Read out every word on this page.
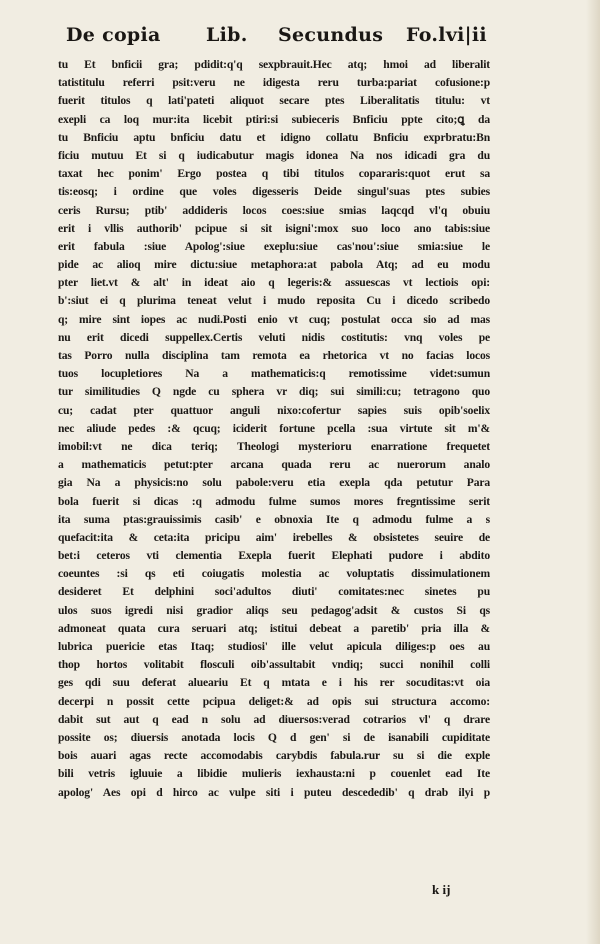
De copia Lib. Secundus Fo.lvi|ii
tu Et bnficii gra; pdidit:q'q sexpbrauit.Hec atq; hmoi ad liberalit
tatistitulu referri psit:veru ne idigesta reru turba:pariat cofusione:p
fuerit titulos q lati'pateti aliquot secare ptes Liberalitatis titulu: vt
exepli ca loq mur:ita licebit ptiri:si subieceris Bnficiu ppte cito;ꝗ da
tu Bnficiu aptu bnficiu datu et idigno collatu Bnficiu exprbratu:Bn
ficiu mutuu Et si q iudicabutur magis idonea Na nos idicadi gra du
taxat hec ponim' Ergo postea q tibi titulos copararis:quot erut sa
tis:eosq; i ordine que voles digesseris Deide singul'suas ptes subies
ceris Rursu; ptib' addideris locos coes:siue smias laqcqd vl'q obuiu
erit i vllis authorib' pcipue si sit isigni':mox suo loco ano tabis:siue
erit fabula :siue Apolog':siue exeplu:siue cas'nou':siue smia:siue le
pide ac alioq mire dictu:siue metaphora:at pabola Atq; ad eu modu
pter liet.vt & alt' in ideat aio q legeris:& assuescas vt lectiois opi:
b':siut ei q plurima teneat velut i mudo reposita Cu i dicedo scribedo
q; mire sint iopes ac nudi.Posti enio vt cuq; postulat occa sio ad mas
nu erit dicedi suppellex.Certis veluti nidis costitutis: vnq voles pe
tas Porro nulla disciplina tam remota ea rhetorica vt no facias locos
tuos locupletiores Na a mathematicis:q remotissime videt:sumun
tur similitudies Q ngde cu sphera vr diq; sui simili:cu; tetragono quo
cu; cadat pter quattuor anguli nixo:cofertur sapies suis opib'soelix
nec aliude pedes :& qcuq; iciderit fortune pcella :sua virtute sit m'&
imobil:vt ne dica teriq; Theologi mysterioru enarratione frequetet
a mathematicis petut:pter arcana quada reru ac nuerorum analo
gia Na a physicis:no solu pabole:veru etia exepla qda petutur Para
bola fuerit si dicas :q admodu fulme sumos mores fregntissime serit
ita suma ptas:grauissimis casib' e obnoxia Ite q admodu fulme a s
quefacit:ita & ceta:ita pricipu aim' irebelles & obsistetes seuire de
bet:i ceteros vti clementia Exepla fuerit Elephati pudore i abdito
coeuntes :si qs eti coiugatis molestia ac voluptatis dissimulationem
desideret Et delphini soci'adultos diuti' comitates:nec sinetes pu
ulos suos igredi nisi gradior aliqs seu pedagog'adsit & custos Si qs
admoneat quata cura seruari atq; istitui debeat a paretib' pria illa &
lubrica puericie etas Itaq; studiosi' ille velut apicula diliges:p oes au
thop hortos volitabit flosculi oib'assultabit vndiq; succi nonihil colli
ges qdi suu deferat alueariu Et q mtata e i his rer socuditas:vt oia
decerpi n possit cette pcipua deliget:& ad opis sui structura accomo:
dabit sut aut q ead n solu ad diuersos:verad cotrarios vl' q drare
possite os; diuersis anotada locis Q d gen' si de isanabili cupiditate
bois auari agas recte accomodabis carybdis fabula.rur su si die exple
bili vetris igluuie a libidie mulieris iexhausta:ni p couenlet ead Ite
apolog' Aes opi d hirco ac vulpe siti i puteu descededib' q drab ilyi p
k ij
